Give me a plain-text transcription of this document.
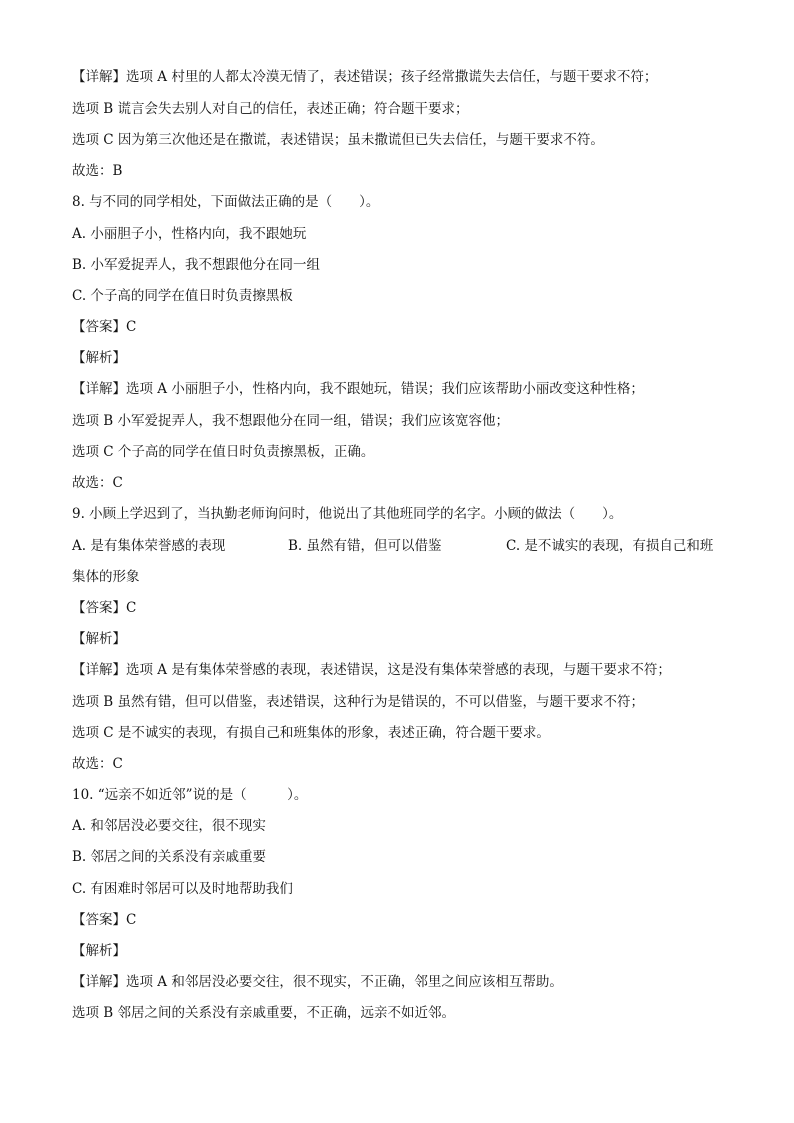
【详解】选项 A 村里的人都太冷漠无情了，表述错误；孩子经常撒谎失去信任，与题干要求不符；
选项 B 谎言会失去别人对自己的信任，表述正确；符合题干要求；
选项 C 因为第三次他还是在撒谎，表述错误；虽未撒谎但已失去信任，与题干要求不符。
故选：B
8. 与不同的同学相处，下面做法正确的是（　　）。
A. 小丽胆子小，性格内向，我不跟她玩
B. 小军爱捉弄人，我不想跟他分在同一组
C. 个子高的同学在值日时负责擦黑板
【答案】C
【解析】
【详解】选项 A 小丽胆子小，性格内向，我不跟她玩，错误；我们应该帮助小丽改变这种性格；
选项 B 小军爱捉弄人，我不想跟他分在同一组，错误；我们应该宽容他；
选项 C 个子高的同学在值日时负责擦黑板，正确。
故选：C
9. 小顾上学迟到了，当执勤老师询问时，他说出了其他班同学的名字。小顾的做法（　　）。
A. 是有集体荣誉感的表现	B. 虽然有错，但可以借鉴	C. 是不诚实的表现，有损自己和班
集体的形象
【答案】C
【解析】
【详解】选项 A 是有集体荣誉感的表现，表述错误，这是没有集体荣誉感的表现，与题干要求不符；
选项 B 虽然有错，但可以借鉴，表述错误，这种行为是错误的，不可以借鉴，与题干要求不符；
选项 C 是不诚实的表现，有损自己和班集体的形象，表述正确，符合题干要求。
故选：C
10. “远亲不如近邻”说的是（　　　）。
A. 和邻居没必要交往，很不现实
B. 邻居之间的关系没有亲戚重要
C. 有困难时邻居可以及时地帮助我们
【答案】C
【解析】
【详解】选项 A 和邻居没必要交往，很不现实，不正确，邻里之间应该相互帮助。
选项 B 邻居之间的关系没有亲戚重要，不正确，远亲不如近邻。
